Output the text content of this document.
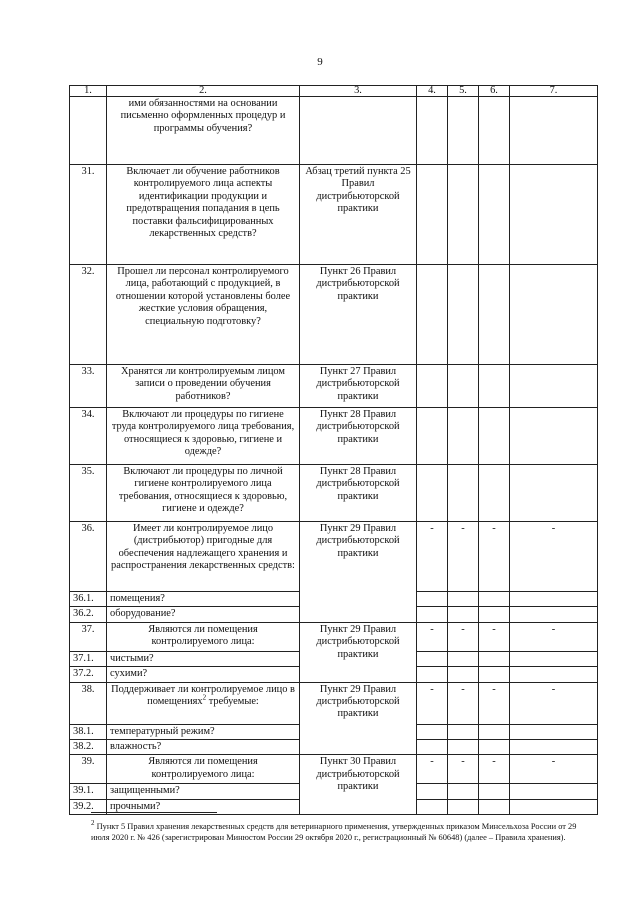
9
1.	2.	3.	4.	5.	6.	7.
	ими обязанностями на основании письменно оформленных процедур и программы обучения?					
31.	Включает ли обучение работников контролируемого лица аспекты идентификации продукции и предотвращения попадания в цепь поставки фальсифицированных лекарственных средств?	Абзац третий пункта 25 Правил дистрибьюторской практики				
32.	Прошел ли персонал контролируемого лица, работающий с продукцией, в отношении которой установлены более жесткие условия обращения, специальную подготовку?	Пункт 26 Правил дистрибьюторской практики				
33.	Хранятся ли контролируемым лицом записи о проведении обучения работников?	Пункт 27 Правил дистрибьюторской практики				
34.	Включают ли процедуры по гигиене труда контролируемого лица требования, относящиеся к здоровью, гигиене и одежде?	Пункт 28 Правил дистрибьюторской практики				
35.	Включают ли процедуры по личной гигиене контролируемого лица требования, относящиеся к здоровью, гигиене и одежде?	Пункт 28 Правил дистрибьюторской практики				
36.	Имеет ли контролируемое лицо (дистрибьютор) пригодные для обеспечения надлежащего хранения и распространения лекарственных средств:	Пункт 29 Правил дистрибьюторской практики	-	-	-	-
36.1.	помещения?					
36.2.	оборудование?					
37.	Являются ли помещения контролируемого лица:	Пункт 29 Правил дистрибьюторской практики	-	-	-	-
37.1.	чистыми?					
37.2.	сухими?					
38.	Поддерживает ли контролируемое лицо в помещениях$^2$ требуемые:	Пункт 29 Правил дистрибьюторской практики	-	-	-	-
38.1.	температурный режим?					
38.2.	влажность?					
39.	Являются ли помещения контролируемого лица:	Пункт 30 Правил дистрибьюторской практики	-	-	-	-
39.1.	защищенными?					
39.2.	прочными?					
$^2$ Пункт 5 Правил хранения лекарственных средств для ветеринарного применения, утвержденных приказом Минсельхоза России от 29 июля 2020 г. № 426 (зарегистрирован Минюстом России 29 октября 2020 г., регистрационный № 60648) (далее – Правила хранения).
